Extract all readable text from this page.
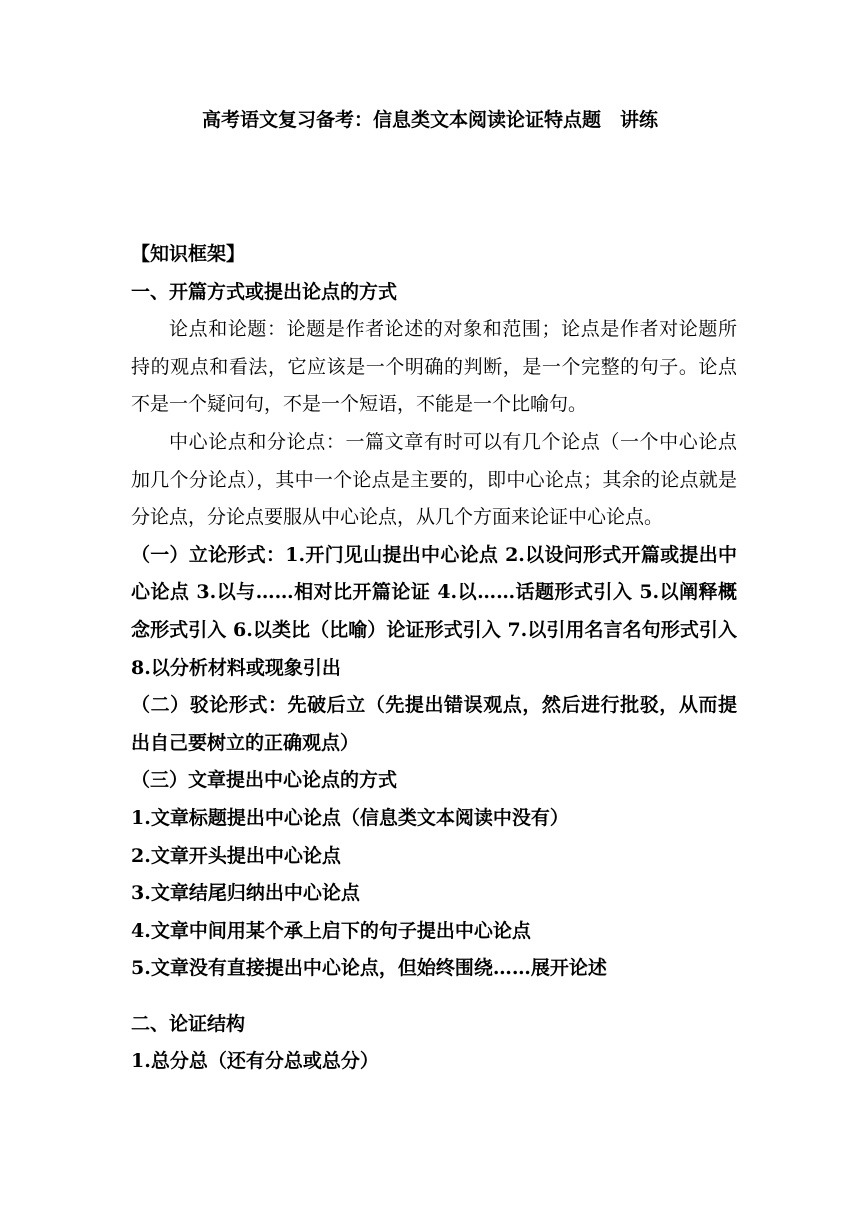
高考语文复习备考：信息类文本阅读论证特点题　讲练
【知识框架】
一、开篇方式或提出论点的方式
论点和论题：论题是作者论述的对象和范围；论点是作者对论题所持的观点和看法，它应该是一个明确的判断，是一个完整的句子。论点不是一个疑问句，不是一个短语，不能是一个比喻句。
中心论点和分论点：一篇文章有时可以有几个论点（一个中心论点加几个分论点），其中一个论点是主要的，即中心论点；其余的论点就是分论点，分论点要服从中心论点，从几个方面来论证中心论点。
（一）立论形式：1.开门见山提出中心论点 2.以设问形式开篇或提出中心论点 3.以与……相对比开篇论证 4.以……话题形式引入 5.以阐释概念形式引入 6.以类比（比喻）论证形式引入 7.以引用名言名句形式引入 8.以分析材料或现象引出
（二）驳论形式：先破后立（先提出错误观点，然后进行批驳，从而提出自己要树立的正确观点）
（三）文章提出中心论点的方式
1.文章标题提出中心论点（信息类文本阅读中没有）
2.文章开头提出中心论点
3.文章结尾归纳出中心论点
4.文章中间用某个承上启下的句子提出中心论点
5.文章没有直接提出中心论点，但始终围绕……展开论述
二、论证结构
1.总分总（还有分总或总分）
